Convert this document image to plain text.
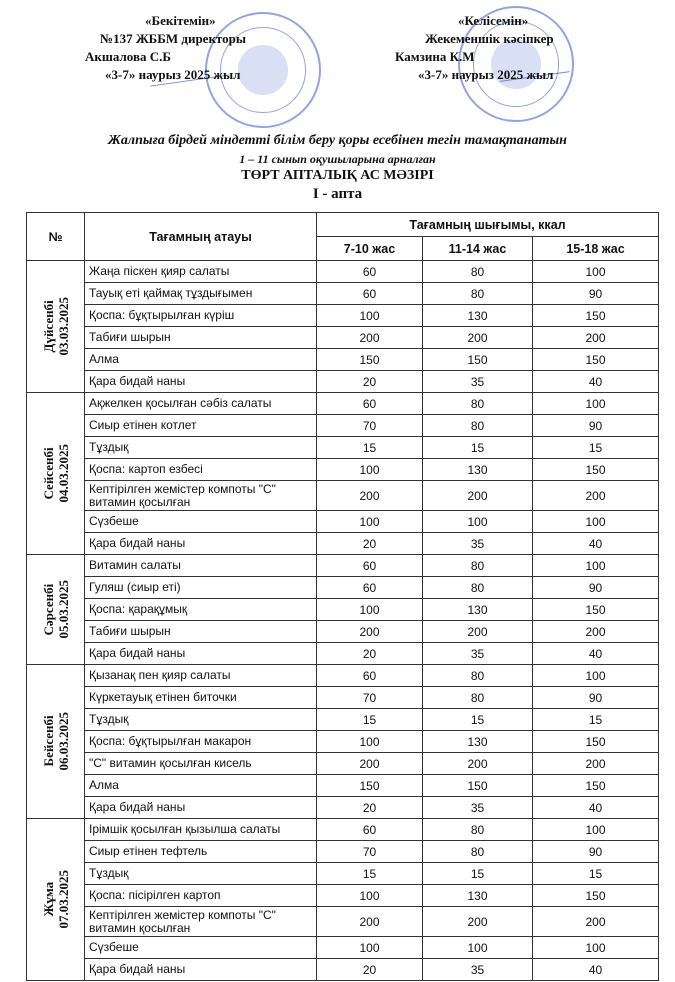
«Бекітемін»
№137 ЖББМ директоры
Акшалова С.Б
«3-7» наурыз 2025 жыл
«Келісемін»
Жекеменшік кәсіпкер
Камзина К.М
«3-7» наурыз 2025 жыл
Жалпыға бірдей міндетті білім беру қоры есебінен тегін тамақтанатын
1 – 11 сынып оқушыларына арналған
ТӨРТ АПТАЛЫҚ АС МӘЗІРІ
I - апта
№	Тағамның атауы	Тағамның шығымы, ккал		
		7-10 жас	11-14 жас	15-18 жас

Дүйсенбі 03.03.2025	Жаңа піскен қияр салаты	60	80	100
	Тауық еті қаймақ тұздығымен	60	80	90
	Қоспа: бұқтырылған күріш	100	130	150
	Табиғи шырын	200	200	200
	Алма	150	150	150
	Қара бидай наны	20	35	40

Сейсенбі 04.03.2025	Ақжелкен қосылған сәбіз салаты	60	80	100
	Сиыр етінен котлет	70	80	90
	Тұздық	15	15	15
	Қоспа: картоп езбесі	100	130	150
	Кептірілген жемістер компоты "С" витамин қосылған	200	200	200
	Сүзбеше	100	100	100
	Қара бидай наны	20	35	40

Сәрсенбі 05.03.2025	Витамин салаты	60	80	100
	Гуляш (сиыр еті)	60	80	90
	Қоспа: қарақұмық	100	130	150
	Табиғи шырын	200	200	200
	Қара бидай наны	20	35	40

Бейсенбі 06.03.2025	Қызанақ пен қияр салаты	60	80	100
	Күркетауық етінен биточки	70	80	90
	Тұздық	15	15	15
	Қоспа: бұқтырылған макарон	100	130	150
	"С" витамин қосылған кисель	200	200	200
	Алма	150	150	150
	Қара бидай наны	20	35	40

Жұма 07.03.2025	Ірімшік қосылған қызылша салаты	60	80	100
	Сиыр етінен тефтель	70	80	90
	Тұздық	15	15	15
	Қоспа: пісірілген картоп	100	130	150
	Кептірілген жемістер компоты "С" витамин қосылған	200	200	200
	Сүзбеше	100	100	100
	Қара бидай наны	20	35	40
